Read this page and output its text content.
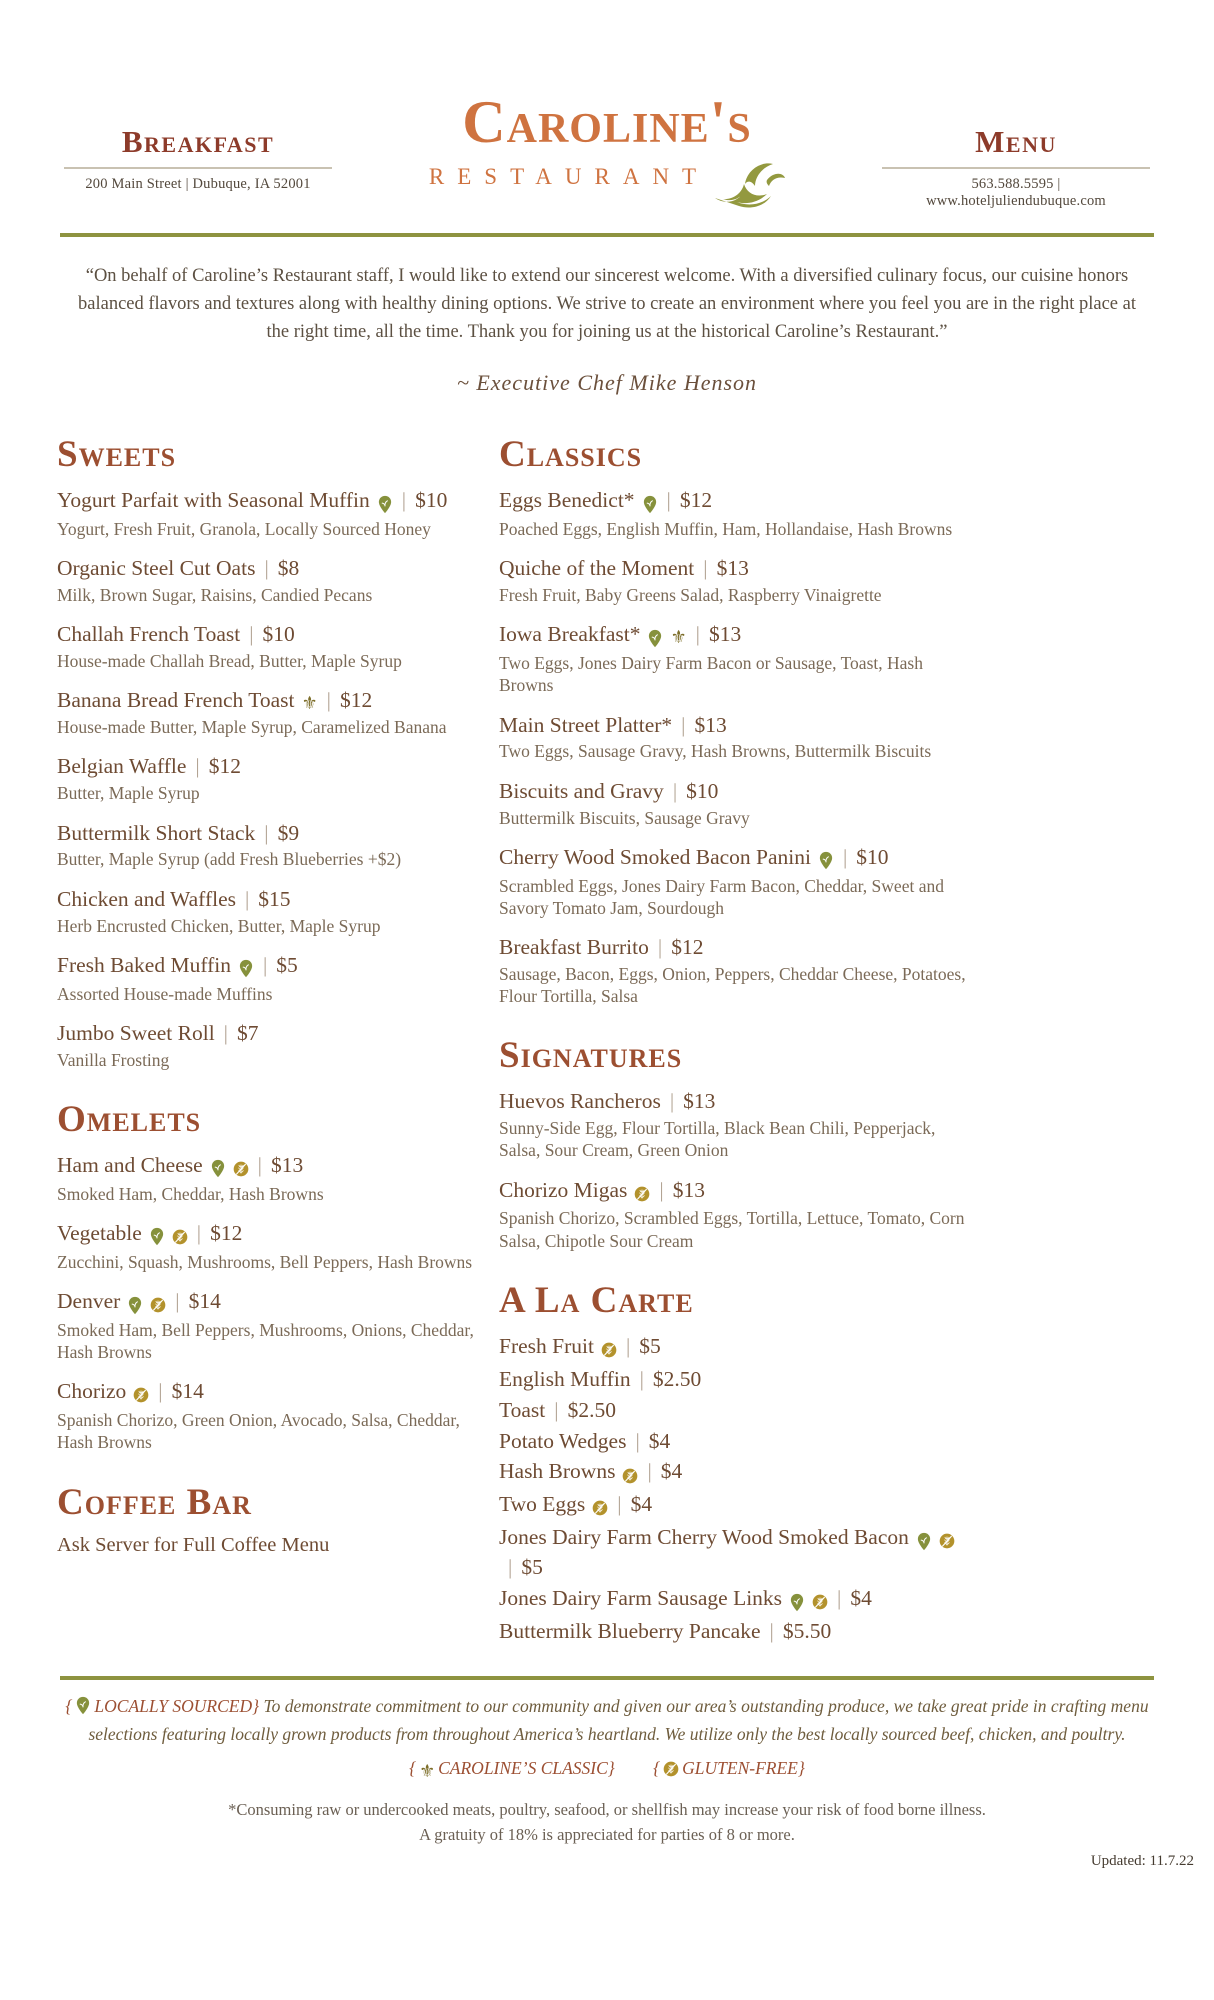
Breakfast
200 Main Street | Dubuque, IA 52001
Caroline's
RESTAURANT
Menu
563.588.5595 | www.hoteljuliendubuque.com

“On behalf of Caroline’s Restaurant staff, I would like to extend our sincerest welcome. With a diversified culinary focus, our cuisine honors balanced flavors and textures along with healthy dining options. We strive to create an environment where you feel you are in the right place at the right time, all the time. Thank you for joining us at the historical Caroline’s Restaurant.”

~ Executive Chef Mike Henson

Sweets
Yogurt Parfait with Seasonal Muffin | $10
Yogurt, Fresh Fruit, Granola, Locally Sourced Honey
Organic Steel Cut Oats | $8
Milk, Brown Sugar, Raisins, Candied Pecans
Challah French Toast | $10
House-made Challah Bread, Butter, Maple Syrup
Banana Bread French Toast ⚜ | $12
House-made Butter, Maple Syrup, Caramelized Banana
Belgian Waffle | $12
Butter, Maple Syrup
Buttermilk Short Stack | $9
Butter, Maple Syrup (add Fresh Blueberries +$2)
Chicken and Waffles | $15
Herb Encrusted Chicken, Butter, Maple Syrup
Fresh Baked Muffin | $5
Assorted House-made Muffins
Jumbo Sweet Roll | $7
Vanilla Frosting
Omelets
Ham and Cheese	| $13
Smoked Ham, Cheddar, Hash Browns
Vegetable	| $12
Zucchini, Squash, Mushrooms, Bell Peppers, Hash Browns
Denver	| $14
Smoked Ham, Bell Peppers, Mushrooms, Onions, Cheddar, Hash Browns
Chorizo | $14
Spanish Chorizo, Green Onion, Avocado, Salsa, Cheddar, Hash Browns
Coffee Bar
Ask Server for Full Coffee Menu
Classics
Eggs Benedict* | $12
Poached Eggs, English Muffin, Ham, Hollandaise, Hash Browns
Quiche of the Moment | $13
Fresh Fruit, Baby Greens Salad, Raspberry Vinaigrette
Iowa Breakfast* ⚜ | $13
Two Eggs, Jones Dairy Farm Bacon or Sausage, Toast, Hash Browns
Main Street Platter* | $13
Two Eggs, Sausage Gravy, Hash Browns, Buttermilk Biscuits
Biscuits and Gravy | $10
Buttermilk Biscuits, Sausage Gravy
Cherry Wood Smoked Bacon Panini | $10
Scrambled Eggs, Jones Dairy Farm Bacon, Cheddar, Sweet and Savory Tomato Jam, Sourdough
Breakfast Burrito | $12
Sausage, Bacon, Eggs, Onion, Peppers, Cheddar Cheese, Potatoes, Flour Tortilla, Salsa
Signatures
Huevos Rancheros | $13
Sunny-Side Egg, Flour Tortilla, Black Bean Chili, Pepperjack, Salsa, Sour Cream, Green Onion
Chorizo Migas | $13
Spanish Chorizo, Scrambled Eggs, Tortilla, Lettuce, Tomato, Corn Salsa, Chipotle Sour Cream
A La Carte
Fresh Fruit | $5
English Muffin | $2.50
Toast | $2.50
Potato Wedges | $4
Hash Browns | $4
Two Eggs | $4
Jones Dairy Farm Cherry Wood Smoked Bacon| $5
Jones Dairy Farm Sausage Links	| $4
Buttermilk Blueberry Pancake | $5.50

{ LOCALLY SOURCED} To demonstrate commitment to our community and given our area’s outstanding produce, we take great pride in crafting menu selections featuring locally grown products from throughout America’s heartland. We utilize only the best locally sourced beef, chicken, and poultry.

{ ⚜ CAROLINE’S CLASSIC} { GLUTEN-FREE}

*Consuming raw or undercooked meats, poultry, seafood, or shellfish may increase your risk of food borne illness.
A gratuity of 18% is appreciated for parties of 8 or more.
Updated: 11.7.22
